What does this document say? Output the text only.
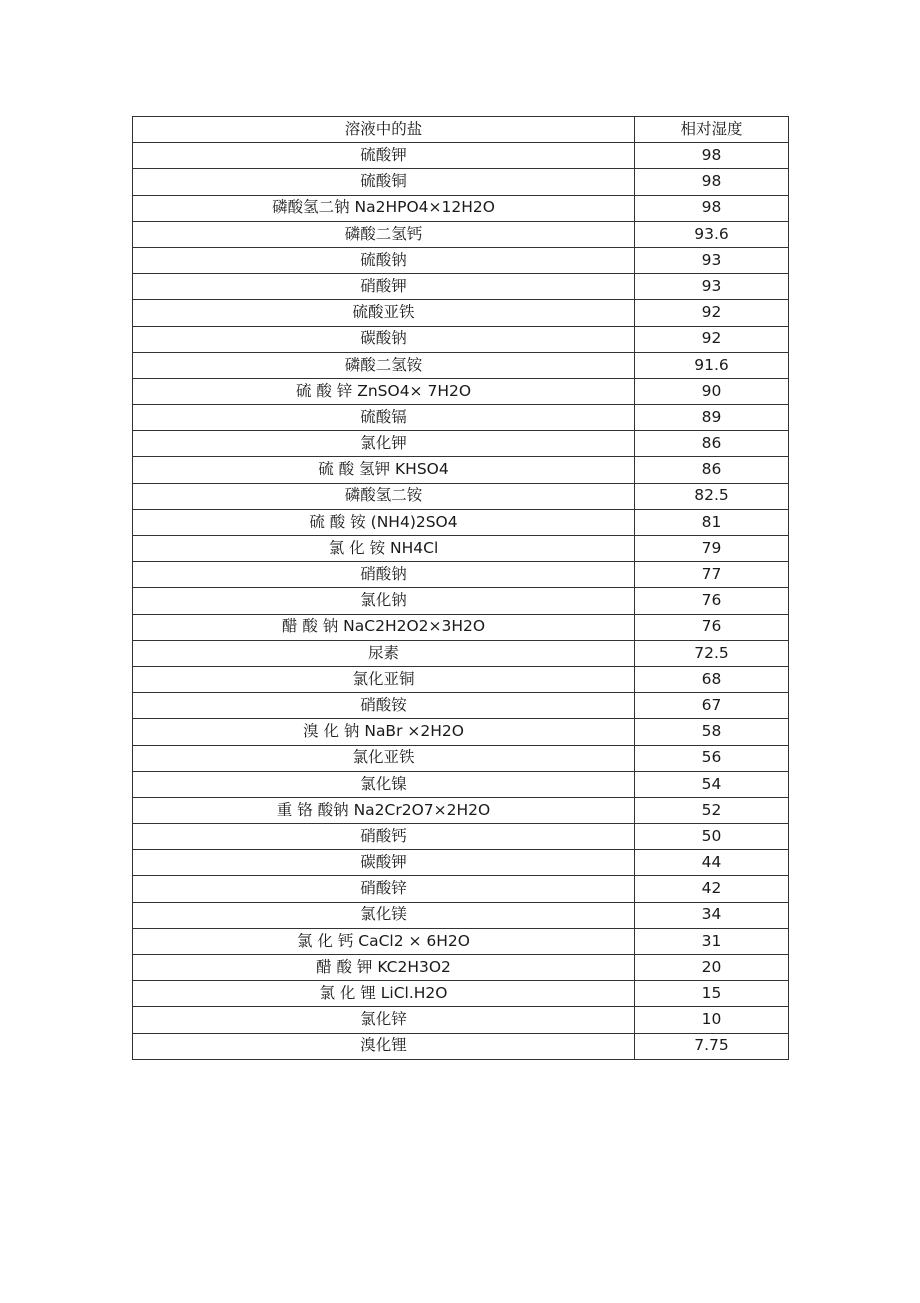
溶液中的盐	相对湿度
硫酸钾	98
硫酸铜	98
磷酸氢二钠 Na2HPO4×12H2O	98
磷酸二氢钙	93.6
硫酸钠	93
硝酸钾	93
硫酸亚铁	92
碳酸钠	92
磷酸二氢铵	91.6
硫 酸 锌 ZnSO4× 7H2O	90
硫酸镉	89
氯化钾	86
硫 酸 氢钾 KHSO4	86
磷酸氢二铵	82.5
硫 酸 铵 (NH4)2SO4	81
氯 化 铵 NH4Cl	79
硝酸钠	77
氯化钠	76
醋 酸 钠 NaC2H2O2×3H2O	76
尿素	72.5
氯化亚铜	68
硝酸铵	67
溴 化 钠 NaBr ×2H2O	58
氯化亚铁	56
氯化镍	54
重 铬 酸钠 Na2Cr2O7×2H2O	52
硝酸钙	50
碳酸钾	44
硝酸锌	42
氯化镁	34
氯 化 钙 CaCl2 × 6H2O	31
醋 酸 钾 KC2H3O2	20
氯 化 锂 LiCl.H2O	15
氯化锌	10
溴化锂	7.75
